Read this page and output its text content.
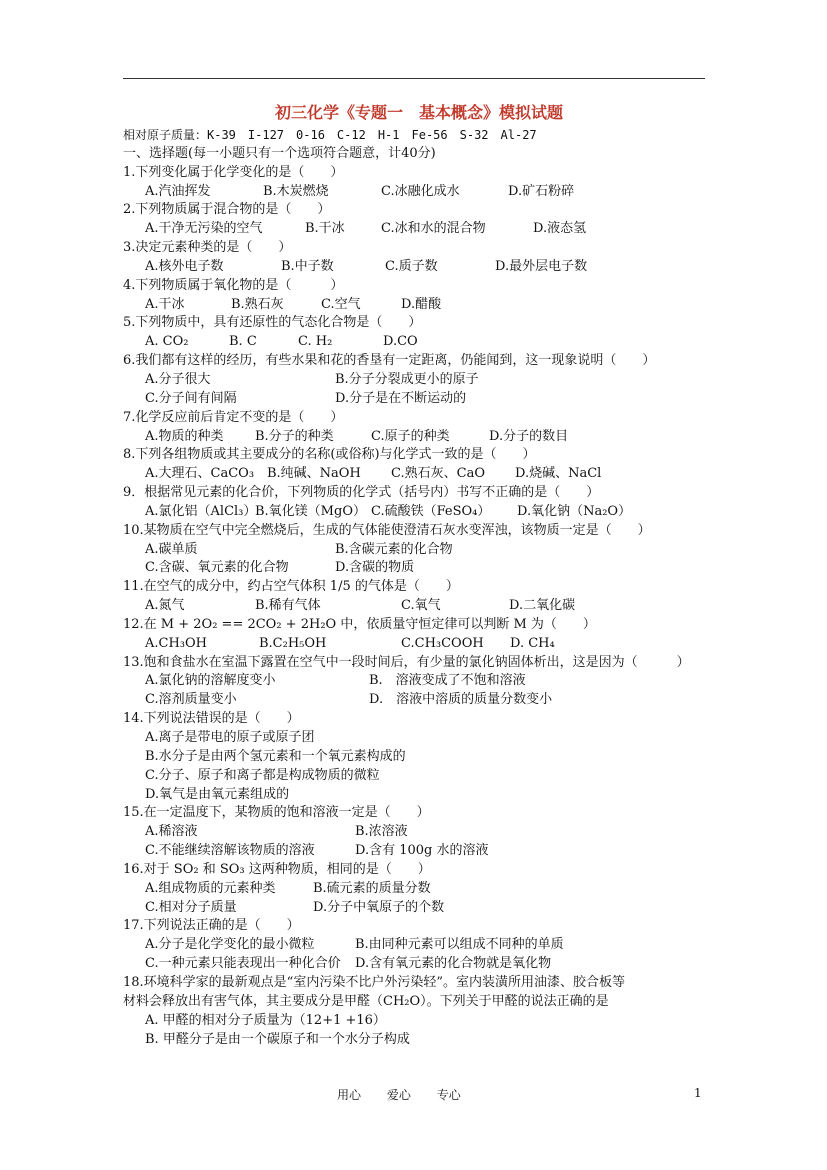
初三化学《专题一　基本概念》模拟试题
相对原子质量：K-39　I-127　0-16　C-12　H-1　Fe-56　S-32　Al-27
一、选择题(每一小题只有一个选项符合题意，计40分)
1.下列变化属于化学变化的是（　　）
A.汽油挥发	B.木炭燃烧	C.冰融化成水	D.矿石粉碎
2.下列物质属于混合物的是（　　）
A.干净无污染的空气	B.干冰	C.冰和水的混合物	D.液态氢
3.决定元素种类的是（　　）
A.核外电子数	B.中子数	C.质子数	D.最外层电子数
4.下列物质属于氧化物的是（　　　）
A.干冰	B.熟石灰	C.空气	D.醋酸
5.下列物质中，具有还原性的气态化合物是（　　）
A. CO₂	B. C	C. H₂	D.CO
6.我们都有这样的经历，有些水果和花的香垦有一定距离，仍能闻到，这一现象说明（　　）
A.分子很大	B.分子分裂成更小的原子
C.分子间有间隔	D.分子是在不断运动的
7.化学反应前后肯定不变的是（　　）
A.物质的种类 B.分子的种类	C.原子的种类	D.分子的数目
8.下列各组物质或其主要成分的名称(或俗称)与化学式一致的是（　　）
A.大理石、CaCO₃ B.纯碱、NaOH C.熟石灰、CaO D.烧碱、NaCl
9．根据常见元素的化合价，下列物质的化学式（括号内）书写不正确的是（　　）
A.氯化铝（AlCl₃）
B.氧化镁（MgO） C.硫酸铁（FeSO₄） D.氧化钠（Na₂O）
10.某物质在空气中完全燃烧后，生成的气体能使澄清石灰水变浑浊，该物质一定是（　　）
A.碳单质	B.含碳元素的化合物
C.含碳、氧元素的化合物	D.含碳的物质
11.在空气的成分中，约占空气体积 1/5 的气体是（　　）
A.氮气	B.稀有气体	C.氧气	D.二氧化碳
12.在 M + 2O₂ == 2CO₂ + 2H₂O 中，依质量守恒定律可以判断 M 为（　　）
A.CH₃OH	B.C₂H₅OH	C.CH₃COOH D. CH₄
13.饱和食盐水在室温下露置在空气中一段时间后，有少量的氯化钠固体析出，这是因为（　　　）
A.氯化钠的溶解度变小	B.　溶液变成了不饱和溶液
C.溶剂质量变小	D.　溶液中溶质的质量分数变小
14.下列说法错误的是（　　）
A.离子是带电的原子或原子团
B.水分子是由两个氢元素和一个氧元素构成的
C.分子、原子和离子都是构成物质的微粒
D.氧气是由氧元素组成的
15.在一定温度下，某物质的饱和溶液一定是（　　）
A.稀溶液	B.浓溶液
C.不能继续溶解该物质的溶液	D.含有 100g 水的溶液
16.对于 SO₂ 和 SO₃ 这两种物质，相同的是（　　）
A.组成物质的元素种类	B.硫元素的质量分数
C.相对分子质量	D.分子中氧原子的个数
17.下列说法正确的是（　　）
A.分子是化学变化的最小微粒	B.由同种元素可以组成不同种的单质
C.一种元素只能表现出一种化合价 D.含有氧元素的化合物就是氧化物
18.环境科学家的最新观点是“室内污染不比户外污染轻”。室内装潢所用油漆、胶合板等
材料会释放出有害气体，其主要成分是甲醛（CH₂O）。下列关于甲醛的说法正确的是
A. 甲醛的相对分子质量为（12+1 +16）
B. 甲醛分子是由一个碳原子和一个水分子构成
用心 爱心 专心	1
